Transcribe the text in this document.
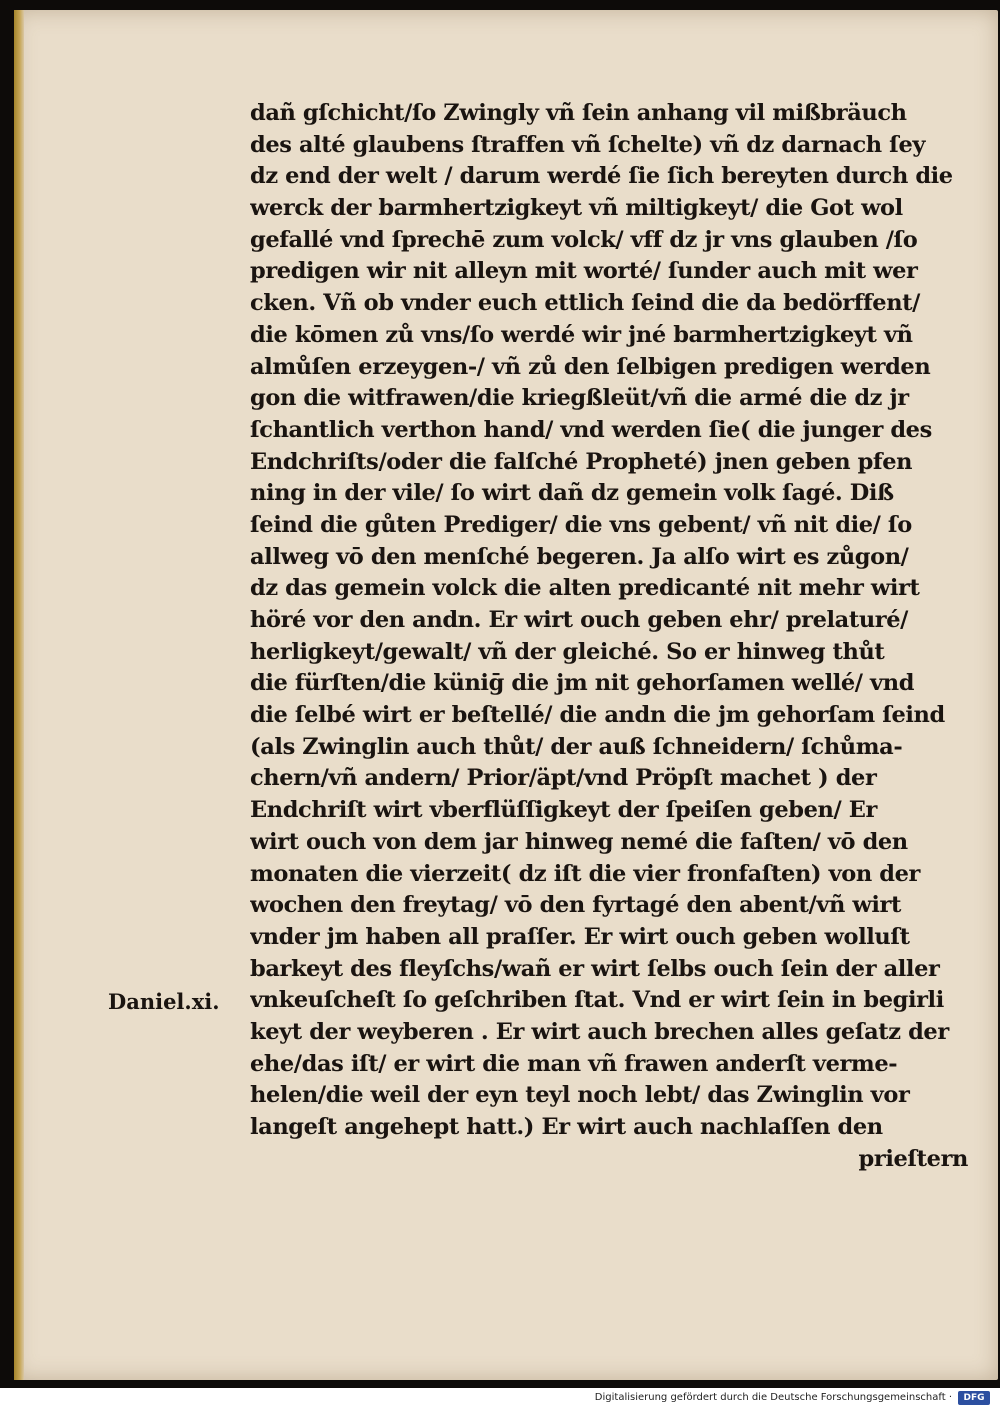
dañ gſchicht/ſo Zwingly vñ ſein anhang vil mißbräuch
des alté glaubens ſtraffen vñ ſchelte) vñ dz darnach ſey
dz end der welt / darum werdé ſie ſich bereyten durch die
werck der barmhertzigkeyt vñ miltigkeyt/ die Got wol
gefallé vnd ſprechē zum volck/ vff dz jr vns glauben /ſo
predigen wir nit alleyn mit worté/ ſunder auch mit wer
cken. Vñ ob vnder euch ettlich ſeind die da bedörffent/
die kōmen zů vns/ſo werdé wir jné barmhertzigkeyt vñ
almůſen erzeygen-/ vñ zů den ſelbigen predigen werden
gon die witfrawen/die kriegßleüt/vñ die armé die dz jr
ſchantlich verthon hand/ vnd werden ſie( die junger des
Endchriſts/oder die falſché Propheté) jnen geben pfen
ning in der vile/ ſo wirt dañ dz gemein volk ſagé. Diß
ſeind die gůten Prediger/ die vns gebent/ vñ nit die/ ſo
allweg vō den menſché begeren. Ja alſo wirt es zůgon/
dz das gemein volck die alten predicanté nit mehr wirt
höré vor den andn. Er wirt ouch geben ehr/ prelaturé/
herligkeyt/gewalt/ vñ der gleiché. So er hinweg thůt
die fürſten/die küniḡ die jm nit gehorſamen wellé/ vnd
die ſelbé wirt er beſtellé/ die andn die jm gehorſam ſeind
(als Zwinglin auch thůt/ der auß ſchneidern/ ſchůma-
chern/vñ andern/ Prior/äpt/vnd Pröpſt machet ) der
Endchriſt wirt vberflüſſigkeyt der ſpeiſen geben/ Er
wirt ouch von dem jar hinweg nemé die faſten/ vō den
monaten die vierzeit( dz iſt die vier fronfaſten) von der
wochen den freytag/ vō den fyrtagé den abent/vñ wirt
vnder jm haben all praſſer. Er wirt ouch geben wolluſt
barkeyt des fleyſchs/wañ er wirt ſelbs ouch ſein der aller
vnkeuſcheſt ſo geſchriben ſtat. Vnd er wirt ſein in begirli
keyt der weyberen . Er wirt auch brechen alles geſatz der
ehe/das iſt/ er wirt die man vñ frawen anderſt verme-
helen/die weil der eyn teyl noch lebt/ das Zwinglin vor
langeſt angehept hatt.) Er wirt auch nachlaſſen den
prieſtern
Daniel.xi.
Digitalisierung gefördert durch die Deutsche Forschungsgemeinschaft ·	DFG
